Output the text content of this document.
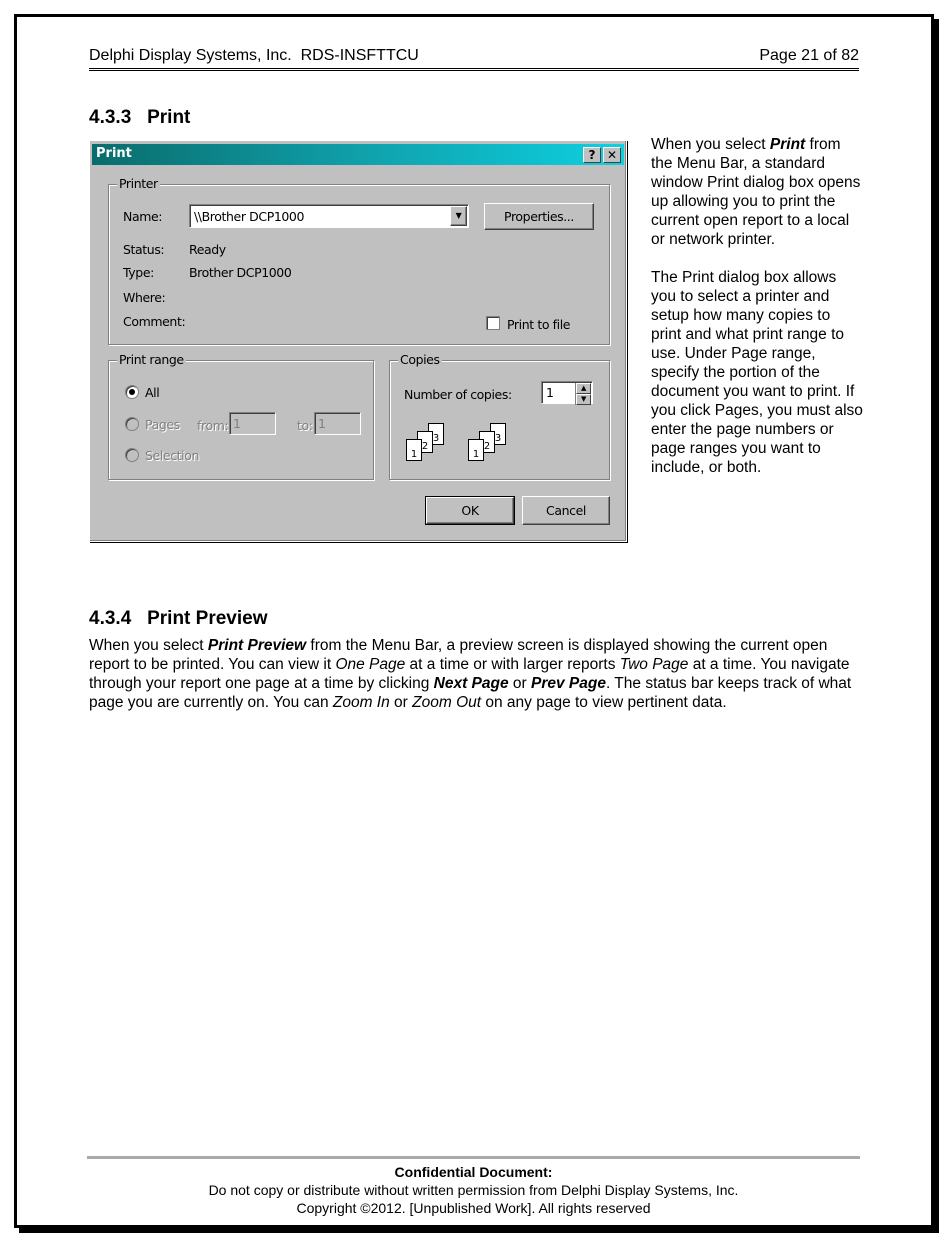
Delphi Display Systems, Inc.  RDS-INSFTTCU	Page 21 of 82
4.3.3   Print
Print	? ✕
Printer
Name:	\\Brother DCP1000	▼	Properties...
Status: Ready
Type:	Brother DCP1000
Where:
Comment:	Print to file
Print range
All
Pages from: 1	to: 1
Selection
Copies
Number of copies:	1	▲
▼
3
2
1
3
2
1
OK	Cancel

When you select Print from the Menu Bar, a standard window Print dialog box opens up allowing you to print the current open report to a local or network printer.

The Print dialog box allows you to select a printer and setup how many copies to print and what print range to use. Under Page range, specify the portion of the document you want to print. If you click Pages, you must also enter the page numbers or page ranges you want to include, or both.

4.3.4   Print Preview

When you select Print Preview from the Menu Bar, a preview screen is displayed showing the current open report to be printed. You can view it One Page at a time or with larger reports Two Page at a time. You navigate through your report one page at a time by clicking Next Page or Prev Page. The status bar keeps track of what page you are currently on. You can Zoom In or Zoom Out on any page to view pertinent data.

Confidential Document:
Do not copy or distribute without written permission from Delphi Display Systems, Inc.
Copyright ©2012. [Unpublished Work]. All rights reserved
